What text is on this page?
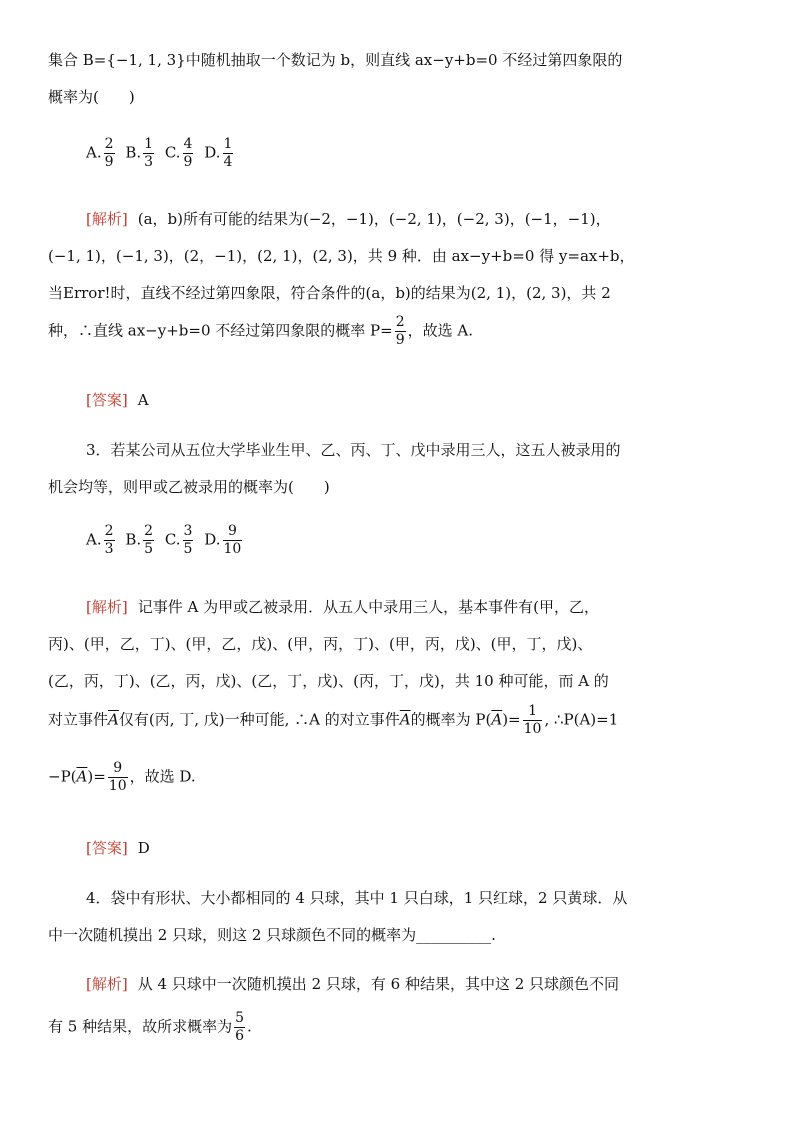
集合 B={−1, 1, 3}中随机抽取一个数记为 b，则直线 ax−y+b=0 不经过第四象限的
概率为(　　)
A. $\frac{2}{9} B$. $\frac{1}{3} C$. $\frac{4}{9} D$. $\frac{1}{4}$
[解析] (a，b)所有可能的结果为(−2，−1)，(−2, 1)，(−2, 3)，(−1，−1)，
(−1, 1)，(−1, 3)，(2，−1)，(2, 1)，(2, 3)，共 9 种．由 ax−y+b=0 得 y=ax+b，
当Error!时，直线不经过第四象限，符合条件的(a，b)的结果为(2, 1)，(2, 3)，共 2
种，∴直线 ax−y+b=0 不经过第四象限的概率 $P= \frac{2}{9}$ ，故选 A.
[答案] A
3．若某公司从五位大学毕业生甲、乙、丙、丁、戊中录用三人，这五人被录用的
机会均等，则甲或乙被录用的概率为(　　)
A. $\frac{2}{3} B$. $\frac{2}{5} C$. $\frac{3}{5} D$. $\frac{9}{10}$
[解析] 记事件 A 为甲或乙被录用．从五人中录用三人，基本事件有(甲，乙，
丙)、(甲，乙，丁)、(甲，乙，戊)、(甲，丙，丁)、(甲，丙，戊)、(甲，丁，戊)、
(乙，丙，丁)、(乙，丙，戊)、(乙，丁，戊)、(丙，丁，戊)，共 10 种可能，而 A 的
对立事件$\overline{A}$仅有(丙, 丁, 戊)一种可能, ∴A 的对立事件$\overline{A}$的概率为 $P(\overline{A})= \frac{1}{10}$ , ∴P(A)=1
$-P(\overline{A})= \frac{9}{10}$ ，故选 D.
[答案] D
4．袋中有形状、大小都相同的 4 只球，其中 1 只白球，1 只红球，2 只黄球．从
中一次随机摸出 2 只球，则这 2 只球颜色不同的概率为__________.
[解析] 从 4 只球中一次随机摸出 2 只球，有 6 种结果，其中这 2 只球颜色不同
有 5 种结果，故所求概率为 $\frac{5}{6}$ .
